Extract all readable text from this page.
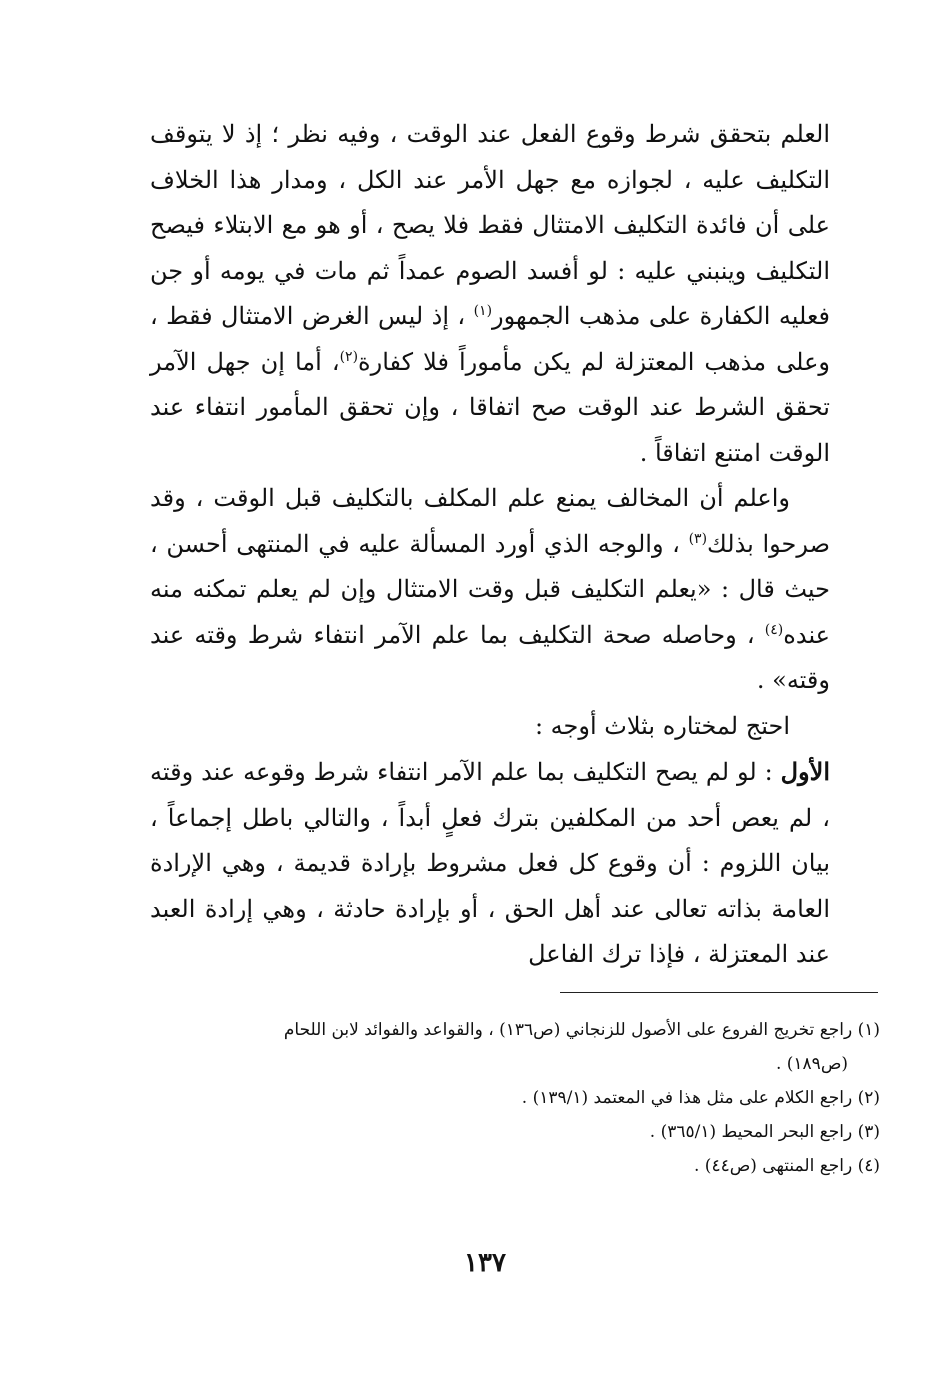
العلم بتحقق شرط وقوع الفعل عند الوقت ، وفيه نظر ؛ إذ لا يتوقف التكليف عليه ، لجوازه مع جهل الأمر عند الكل ، ومدار هذا الخلاف على أن فائدة التكليف الامتثال فقط فلا يصح ، أو هو مع الابتلاء فيصح التكليف وينبني عليه : لو أفسد الصوم عمداً ثم مات في يومه أو جن فعليه الكفارة على مذهب الجمهور$^{(١)}$ ، إذ ليس الغرض الامتثال فقط ، وعلى مذهب المعتزلة لم يكن مأموراً فلا كفارة$^{(٢)}$، أما إن جهل الآمر تحقق الشرط عند الوقت صح اتفاقا ، وإن تحقق المأمور انتفاء عند الوقت امتنع اتفاقاً .

واعلم أن المخالف يمنع علم المكلف بالتكليف قبل الوقت ، وقد صرحوا بذلك$^{(٣)}$ ، والوجه الذي أورد المسألة عليه في المنتهى أحسن ، حيث قال : «يعلم التكليف قبل وقت الامتثال وإن لم يعلم تمكنه منه عنده$^{(٤)}$ ، وحاصله صحة التكليف بما علم الآمر انتفاء شرط وقته عند وقته» .

احتج لمختاره بثلاث أوجه :

الأول : لو لم يصح التكليف بما علم الآمر انتفاء شرط وقوعه عند وقته ، لم يعص أحد من المكلفين بترك فعلٍ أبداً ، والتالي باطل إجماعاً ، بيان اللزوم : أن وقوع كل فعل مشروط بإرادة قديمة ، وهي الإرادة العامة بذاته تعالى عند أهل الحق ، أو بإرادة حادثة ، وهي إرادة العبد عند المعتزلة ، فإذا ترك الفاعل

(١) راجع تخريج الفروع على الأصول للزنجاني (ص١٣٦) ، والقواعد والفوائد لابن اللحام

(ص١٨٩) .

(٢) راجع الكلام على مثل هذا في المعتمد (١٣٩/١) .

(٣) راجع البحر المحيط (٣٦٥/١) .

(٤) راجع المنتهى (ص٤٤) .

١٣٧
